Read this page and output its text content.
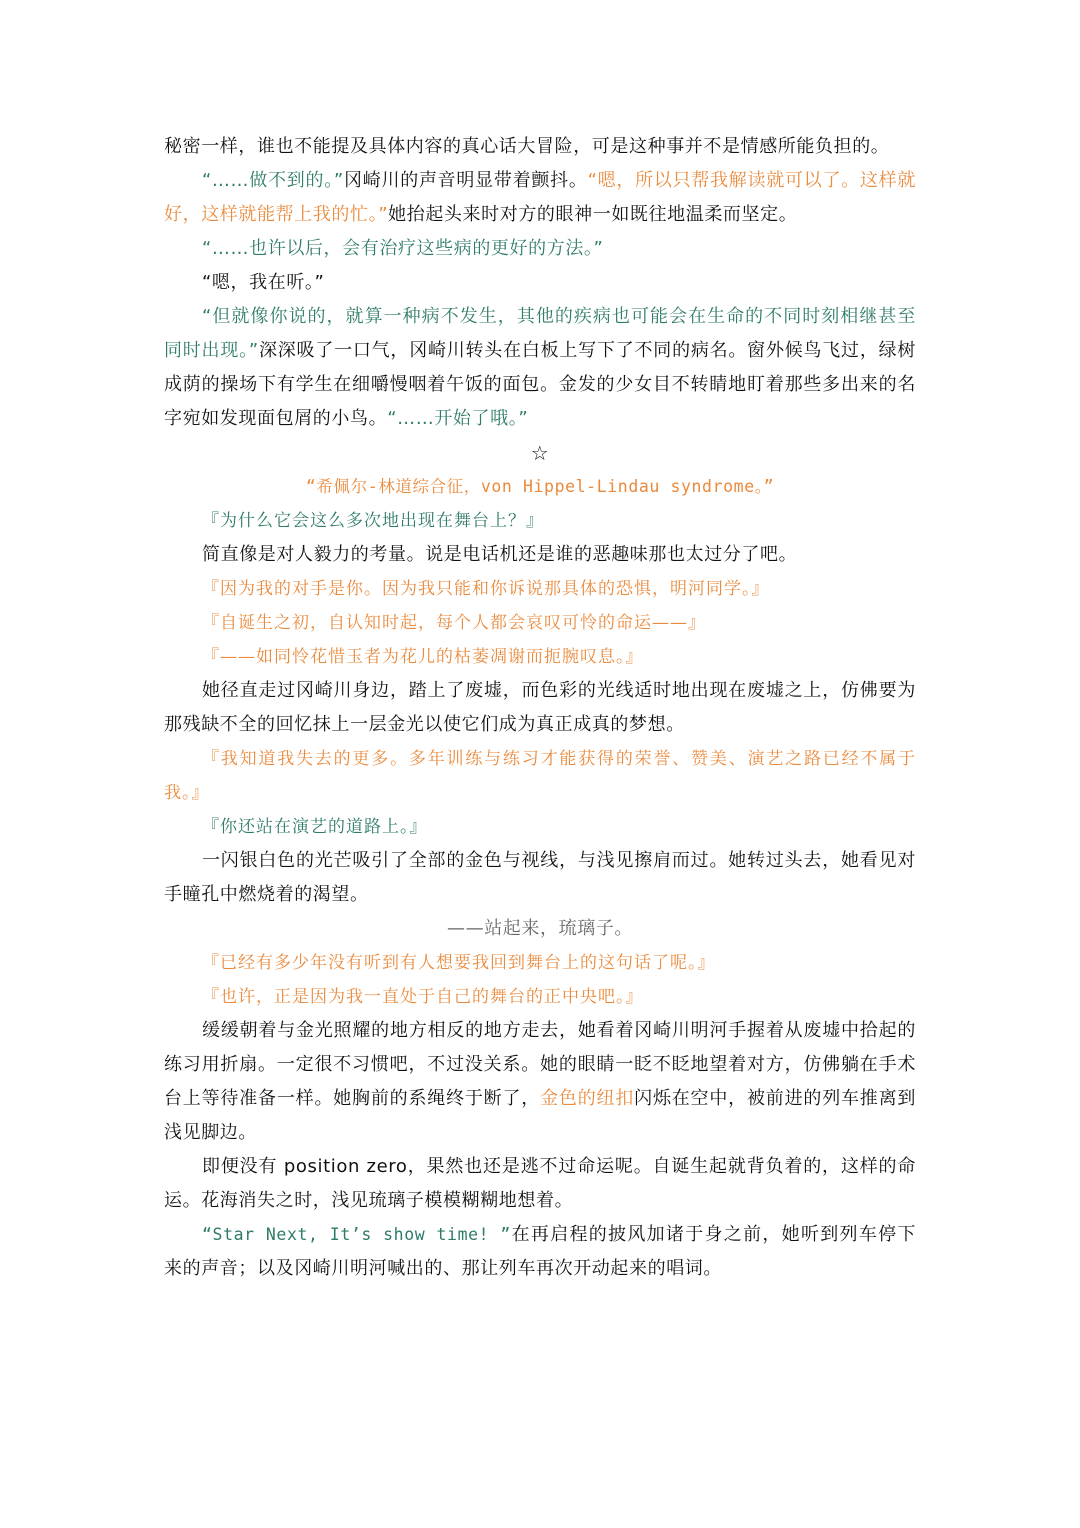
秘密一样，谁也不能提及具体内容的真心话大冒险，可是这种事并不是情感所能负担的。

“……做不到的。”冈崎川的声音明显带着颤抖。“嗯，所以只帮我解读就可以了。这样就好，这样就能帮上我的忙。”她抬起头来时对方的眼神一如既往地温柔而坚定。

“……也许以后，会有治疗这些病的更好的方法。”

“嗯，我在听。”

“但就像你说的，就算一种病不发生，其他的疾病也可能会在生命的不同时刻相继甚至同时出现。”深深吸了一口气，冈崎川转头在白板上写下了不同的病名。窗外候鸟飞过，绿树成荫的操场下有学生在细嚼慢咽着午饭的面包。金发的少女目不转睛地盯着那些多出来的名字宛如发现面包屑的小鸟。“……开始了哦。”

☆

“希佩尔-林道综合征，von Hippel-Lindau syndrome。”

『为什么它会这么多次地出现在舞台上？』

简直像是对人毅力的考量。说是电话机还是谁的恶趣味那也太过分了吧。

『因为我的对手是你。因为我只能和你诉说那具体的恐惧，明河同学。』

『自诞生之初，自认知时起，每个人都会哀叹可怜的命运——』

『——如同怜花惜玉者为花儿的枯萎凋谢而扼腕叹息。』

她径直走过冈崎川身边，踏上了废墟，而色彩的光线适时地出现在废墟之上，仿佛要为那残缺不全的回忆抹上一层金光以使它们成为真正成真的梦想。

『我知道我失去的更多。多年训练与练习才能获得的荣誉、赞美、演艺之路已经不属于我。』

『你还站在演艺的道路上。』

一闪银白色的光芒吸引了全部的金色与视线，与浅见擦肩而过。她转过头去，她看见对手瞳孔中燃烧着的渴望。

——站起来，琉璃子。

『已经有多少年没有听到有人想要我回到舞台上的这句话了呢。』

『也许，正是因为我一直处于自己的舞台的正中央吧。』

缓缓朝着与金光照耀的地方相反的地方走去，她看着冈崎川明河手握着从废墟中拾起的练习用折扇。一定很不习惯吧，不过没关系。她的眼睛一眨不眨地望着对方，仿佛躺在手术台上等待准备一样。她胸前的系绳终于断了，金色的纽扣闪烁在空中，被前进的列车推离到浅见脚边。

即便没有 position zero，果然也还是逃不过命运呢。自诞生起就背负着的，这样的命运。花海消失之时，浅见琉璃子模模糊糊地想着。

“Star Next, It’s show time! ”在再启程的披风加诸于身之前，她听到列车停下来的声音；以及冈崎川明河喊出的、那让列车再次开动起来的唱词。
